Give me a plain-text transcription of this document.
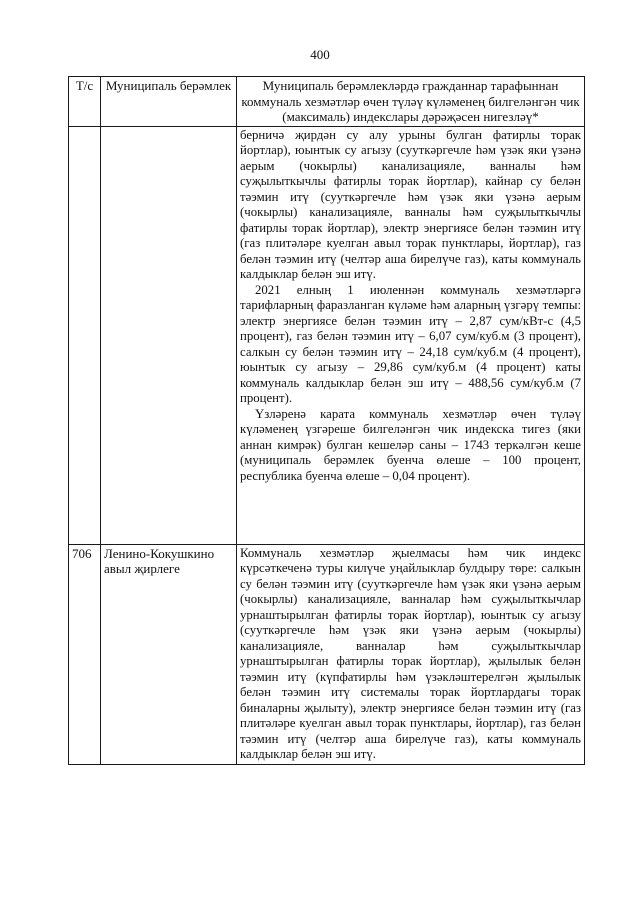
400
Т/с	Муниципаль берәмлек	Муниципаль берәмлекләрдә гражданнар тарафыннан коммуналь хезмәтләр өчен түләү күләменең билгеләнгән чик (максималь) индекслары дәрәҗәсен нигезләү*

		берничә җирдән су алу урыны булган фатирлы торак йортлар), юынтык су агызу (сууткәргечле һәм үзәк яки үзәнә аерым (чокырлы) канализацияле, ванналы һәм суҗылыткычлы фатирлы торак йортлар), кайнар су белән тәэмин итү (сууткәргечле һәм үзәк яки үзәнә аерым (чокырлы) канализацияле, ванналы һәм суҗылыткычлы фатирлы торак йортлар), электр энергиясе белән тәэмин итү (газ плитәләре куелган авыл торак пунктлары, йортлар), газ белән тәэмин итү (челтәр аша бирелүче газ), каты коммуналь калдыклар белән эш итү.

2021 елның 1 июленнән коммуналь хезмәтләргә тарифларның фаразланган күләме һәм аларның үзгәрү темпы: электр энергиясе белән тәэмин итү – 2,87 сум/кВт-с (4,5 процент), газ белән тәэмин итү – 6,07 сум/куб.м (3 процент), салкын су белән тәэмин итү – 24,18 сум/куб.м (4 процент), юынтык су агызу – 29,86 сум/куб.м (4 процент) каты коммуналь калдыклар белән эш итү – 488,56 сум/куб.м (7 процент).

Үзләренә карата коммуналь хезмәтләр өчен түләү күләменең үзгәреше билгеләнгән чик индекска тигез (яки аннан кимрәк) булган кешеләр саны – 1743 теркәлгән кеше (муниципаль берәмлек буенча өлеше – 100 процент, республика буенча өлеше – 0,04 процент).

706	Ленино-Кокушкино авыл җирлеге	Коммуналь хезмәтләр җыелмасы һәм чик индекс күрсәткеченә туры килүче уңайлыклар булдыру төре: салкын су белән тәэмин итү (сууткәргечле һәм үзәк яки үзәнә аерым (чокырлы) канализацияле, ванналар һәм суҗылыткычлар урнаштырылган фатирлы торак йортлар), юынтык су агызу (сууткәргечле һәм үзәк яки үзәнә аерым (чокырлы) канализацияле, ванналар һәм суҗылыткычлар урнаштырылган фатирлы торак йортлар), җылылык белән тәэмин итү (күпфатирлы һәм үзәкләштерелгән җылылык белән тәэмин итү системалы торак йортлардагы торак биналарны җылыту), электр энергиясе белән тәэмин итү (газ плитәләре куелган авыл торак пунктлары, йортлар), газ белән тәэмин итү (челтәр аша бирелүче газ), каты коммуналь калдыклар белән эш итү.
